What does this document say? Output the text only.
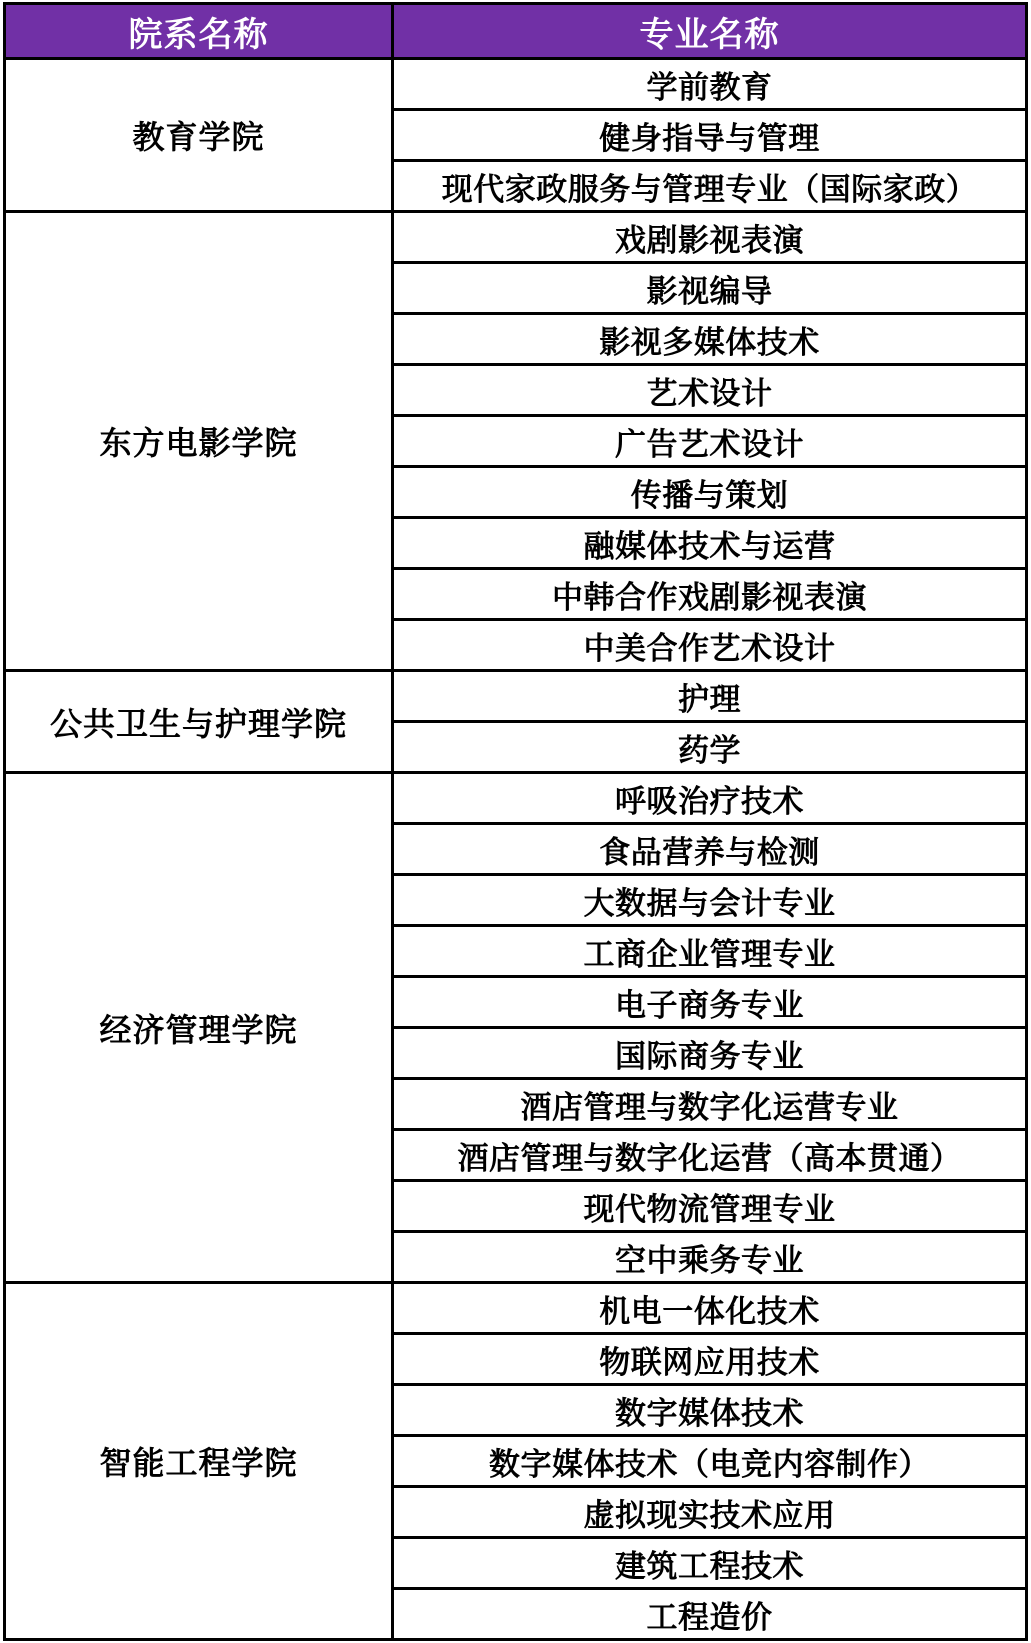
院系名称	专业名称
教育学院	学前教育
	健身指导与管理
	现代家政服务与管理专业（国际家政）
东方电影学院	戏剧影视表演
	影视编导
	影视多媒体技术
	艺术设计
	广告艺术设计
	传播与策划
	融媒体技术与运营
	中韩合作戏剧影视表演
	中美合作艺术设计
公共卫生与护理学院	护理
	药学
经济管理学院	呼吸治疗技术
	食品营养与检测
	大数据与会计专业
	工商企业管理专业
	电子商务专业
	国际商务专业
	酒店管理与数字化运营专业
	酒店管理与数字化运营（高本贯通）
	现代物流管理专业
	空中乘务专业
智能工程学院	机电一体化技术
	物联网应用技术
	数字媒体技术
	数字媒体技术（电竞内容制作）
	虚拟现实技术应用
	建筑工程技术
	工程造价
